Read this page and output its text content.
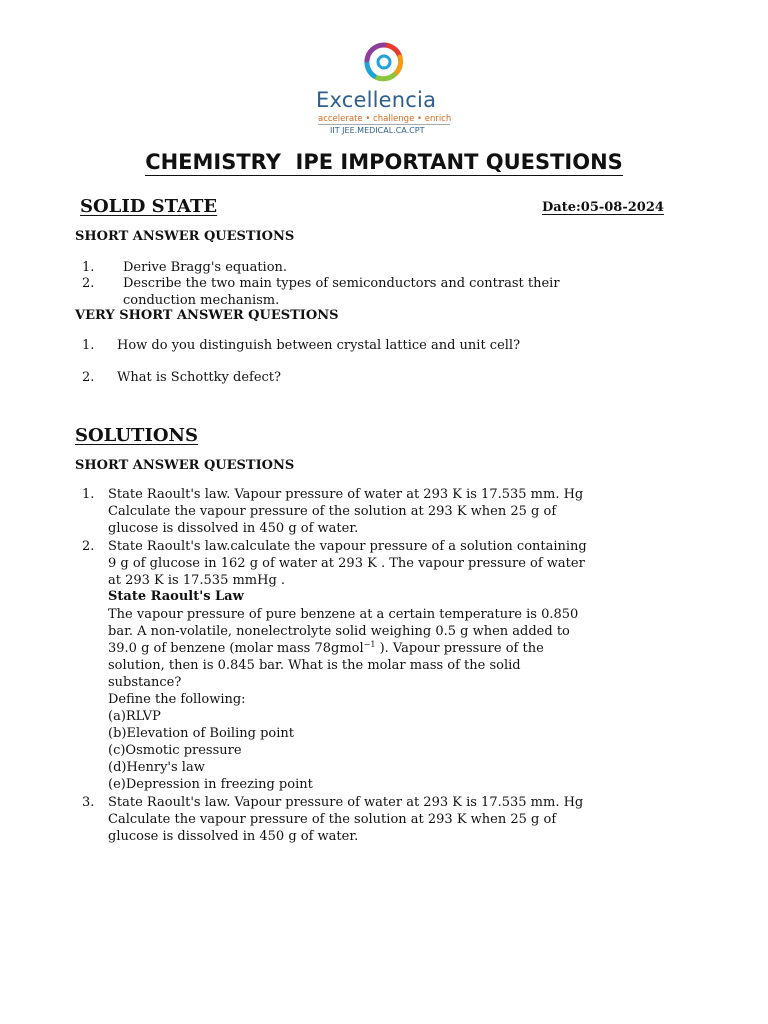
Excellencia
accelerate • challenge • enrich
IIT JEE.MEDICAL.CA.CPT
CHEMISTRY  IPE IMPORTANT QUESTIONS
SOLID STATE	Date:05-08-2024
SHORT ANSWER QUESTIONS
1. Derive Bragg's equation.
2. Describe the two main types of semiconductors and contrast their
conduction mechanism.
VERY SHORT ANSWER QUESTIONS
1. How do you distinguish between crystal lattice and unit cell?
2. What is Schottky defect?
SOLUTIONS
SHORT ANSWER QUESTIONS
1. State Raoult's law. Vapour pressure of water at 293 K is 17.535 mm. Hg
Calculate the vapour pressure of the solution at 293 K when 25 g of
glucose is dissolved in 450 g of water.
2. State Raoult's law.calculate the vapour pressure of a solution containing
9 g of glucose in 162 g of water at 293 K . The vapour pressure of water
at 293 K is 17.535 mmHg .
State Raoult's Law
The vapour pressure of pure benzene at a certain temperature is 0.850
bar. A non-volatile, nonelectrolyte solid weighing 0.5 g when added to
39.0 g of benzene (molar mass 78gmol$^{-1}$ ). Vapour pressure of the
solution, then is 0.845 bar. What is the molar mass of the solid
substance?
Define the following:
(a)RLVP
(b)Elevation of Boiling point
(c)Osmotic pressure
(d)Henry's law
(e)Depression in freezing point
3. State Raoult's law. Vapour pressure of water at 293 K is 17.535 mm. Hg
Calculate the vapour pressure of the solution at 293 K when 25 g of
glucose is dissolved in 450 g of water.
